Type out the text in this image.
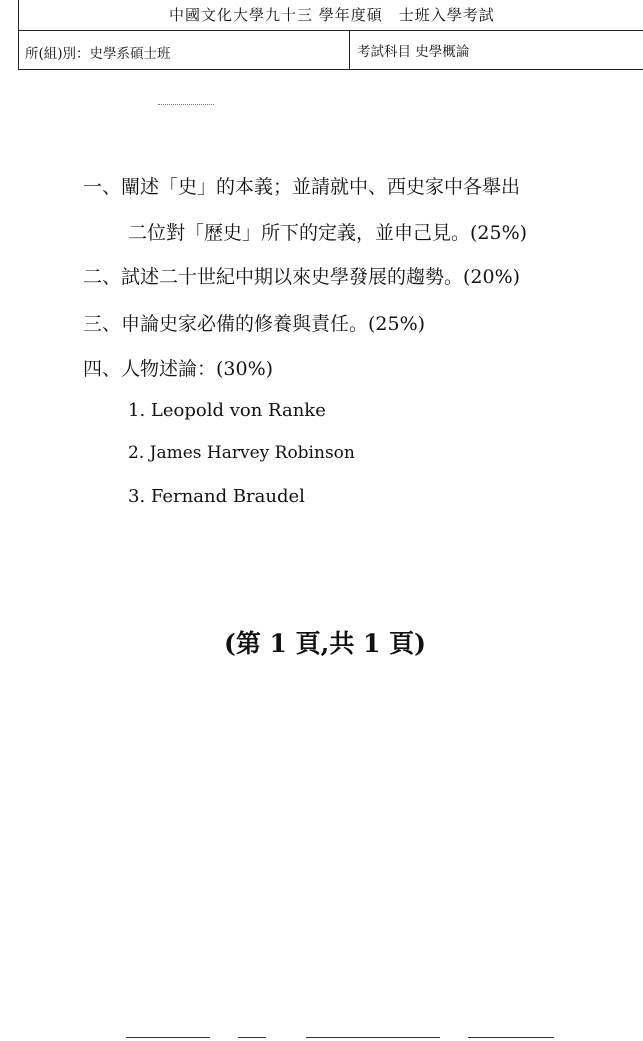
中國文化大學九十三 學年度碩　士班入學考試
所(組)別：史學系碩士班	考試科目 史學概論
一、闡述「史」的本義；並請就中、西史家中各舉出
二位對「歷史」所下的定義，並申己見。(25%)
二、試述二十世紀中期以來史學發展的趨勢。(20%)
三、申論史家必備的修養與責任。(25%)
四、人物述論：(30%)
1. Leopold von Ranke
2. James Harvey Robinson
3. Fernand Braudel
(第 1 頁,共 1 頁)
